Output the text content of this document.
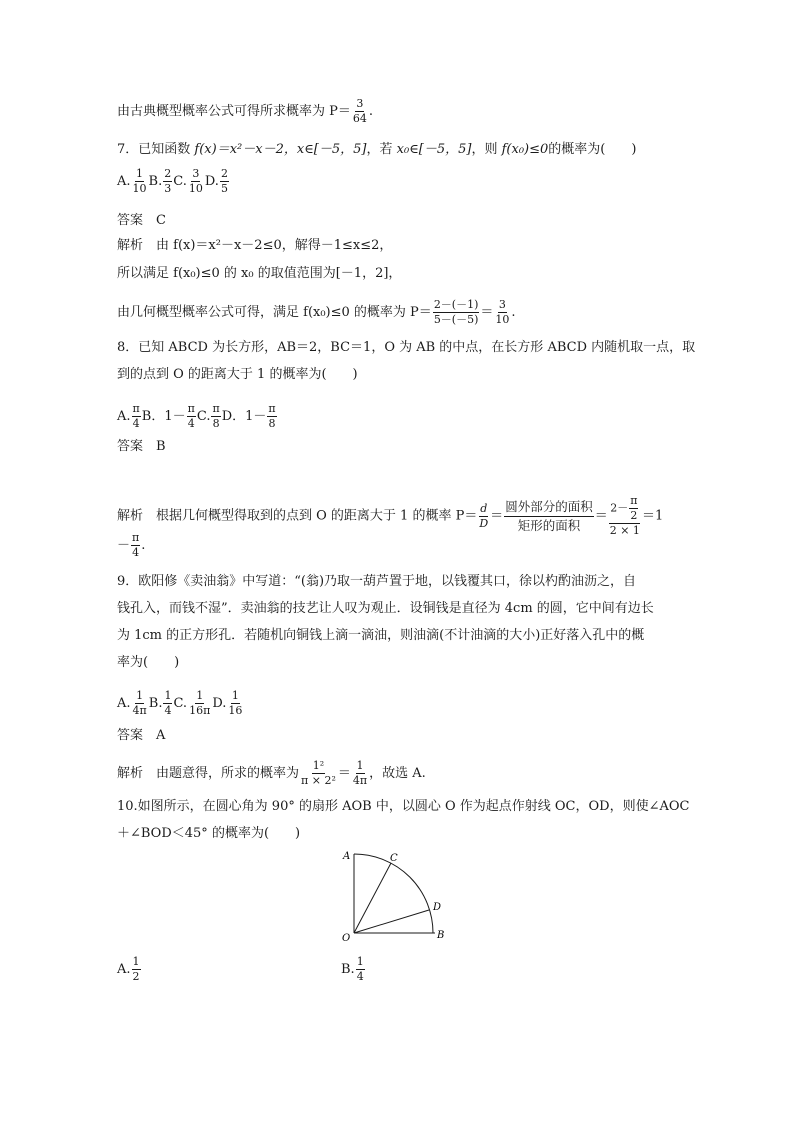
由古典概型概率公式可得所求概率为 $P= \frac{3}{64}$ .
7．已知函数 f(x)＝x²－x－2，x∈[－5，5]，若 x₀∈[－5，5]，则 f(x₀)≤0的概率为(　　)
A. $\frac{1}{10} B$. $\frac{2}{3} C$. $\frac{3}{10} D$. $\frac{2}{5}$
答案　C
解析　由 f(x)＝x²－x－2≤0，解得－1≤x≤2，
所以满足 f(x₀)≤0 的 x₀ 的取值范围为[－1，2]，
由几何概型概率公式可得，满足 f(x₀)≤0 的概率为 $P= \frac{2-(-1)}{5-(-5)} = \frac{3}{10}$ .
8．已知 ABCD 为长方形，AB＝2，BC＝1，O 为 AB 的中点，在长方形 ABCD 内随机取一点，取
到的点到 O 的距离大于 1 的概率为(　　)
A. $\frac{\pi}{4}$ B．$1- \frac{\pi}{4} C$. $\frac{\pi}{8}$ D．$1- \frac{\pi}{8}$
答案　B
解析　根据几何概型得取到的点到 O 的距离大于 1 的概率 $P= \frac{d}{D}$ ＝
圆外部分的面积
矩形的面积
＝ $\frac{2- \frac{\pi}{2}}{2 \times 1} =1$
－ $\frac{\pi}{4}$ .
9．欧阳修《卖油翁》中写道：“(翁)乃取一葫芦置于地，以钱覆其口，徐以杓酌油沥之，自
钱孔入，而钱不湿”．卖油翁的技艺让人叹为观止．设铜钱是直径为 4cm 的圆，它中间有边长
为 1cm 的正方形孔．若随机向铜钱上滴一滴油，则油滴(不计油滴的大小)正好落入孔中的概
率为(　　)
A. $\frac{1}{4\pi} B$. $\frac{1}{4} C$. $\frac{1}{16\pi} D$. $\frac{1}{16}$
答案　A
解析　由题意得，所求的概率为 $\frac{\text{1²}}{\text{π × 2²}} = \frac{1}{4\pi}$ ，故选 A.
10.如图所示，在圆心角为 90° 的扇形 AOB 中，以圆心 O 作为起点作射线 OC，OD，则使∠AOC
＋∠BOD＜45° 的概率为(　　)
A	C
D
O	B
A. $\frac{1}{2}$	B. $\frac{1}{4}$
